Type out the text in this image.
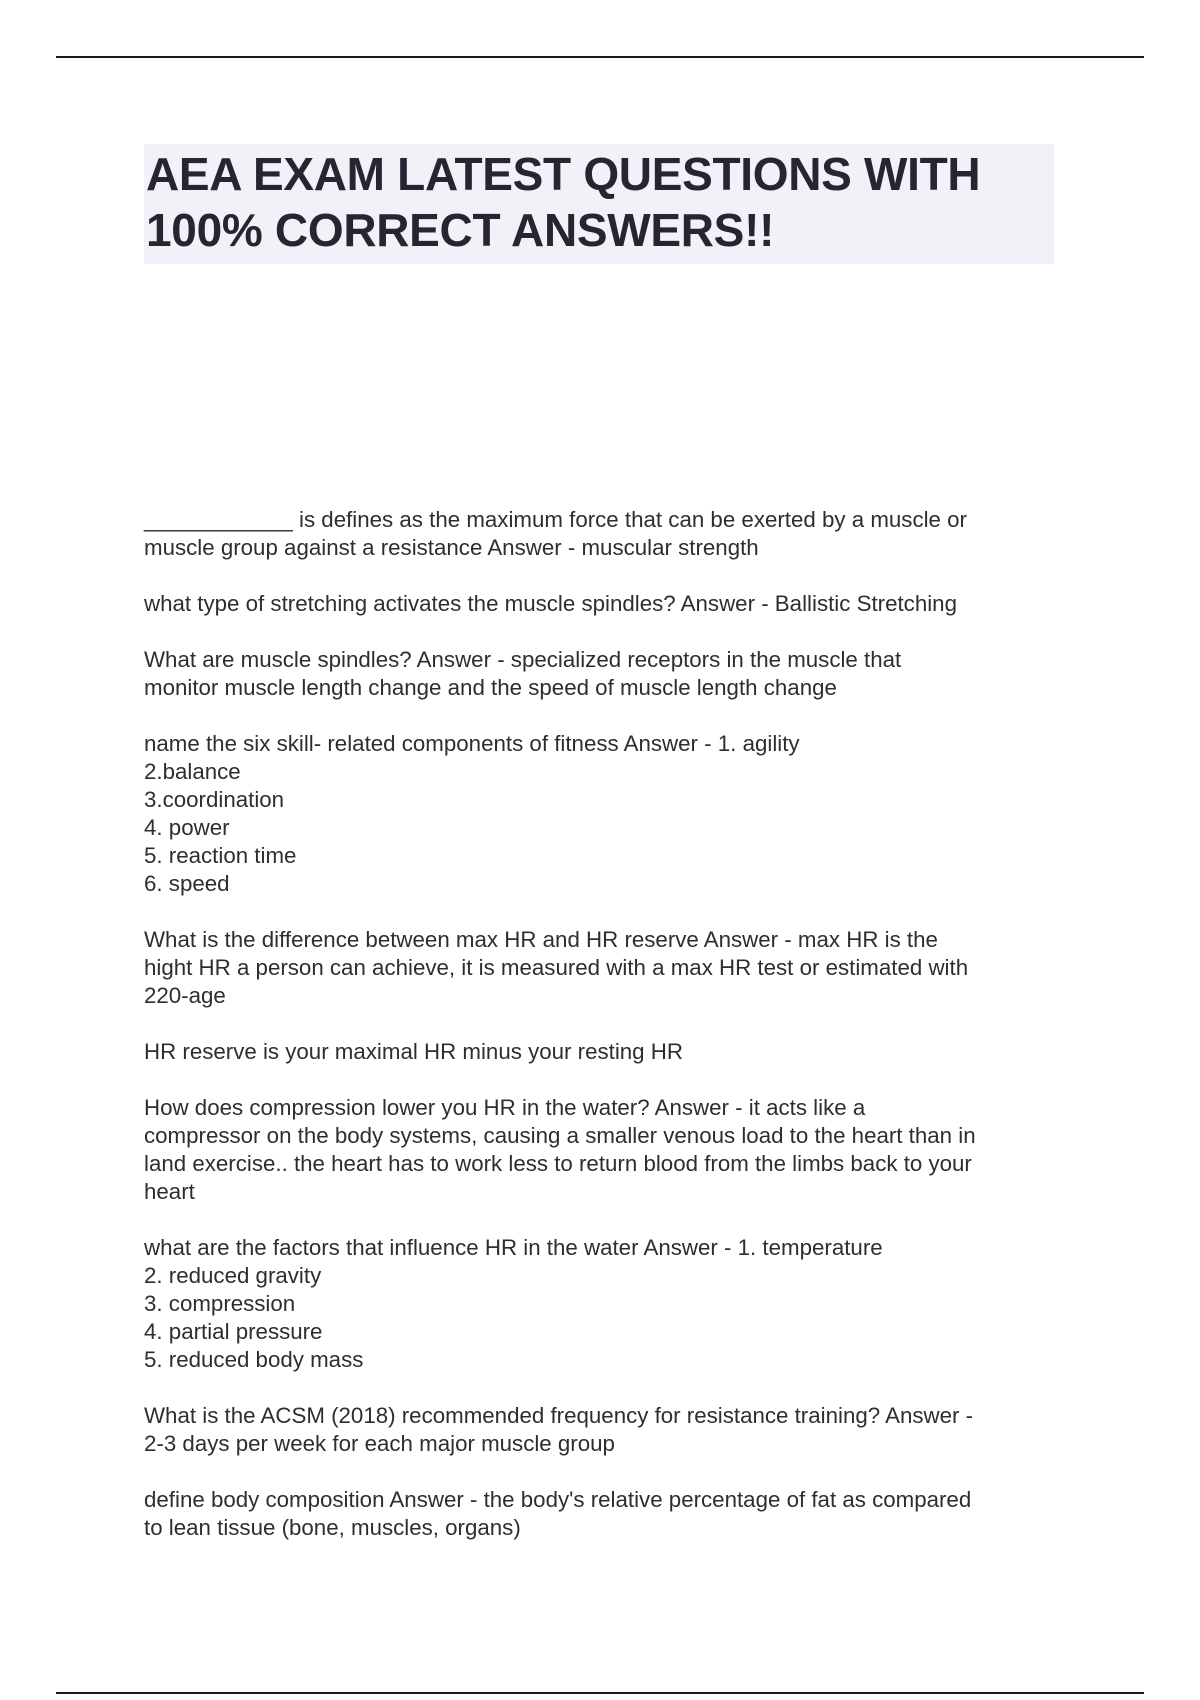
AEA EXAM LATEST QUESTIONS WITH
100% CORRECT ANSWERS!!
____________ is defines as the maximum force that can be exerted by a muscle or
muscle group against a resistance Answer - muscular strength
what type of stretching activates the muscle spindles? Answer - Ballistic Stretching
What are muscle spindles? Answer - specialized receptors in the muscle that
monitor muscle length change and the speed of muscle length change
name the six skill- related components of fitness Answer - 1. agility
2.balance
3.coordination
4. power
5. reaction time
6. speed
What is the difference between max HR and HR reserve Answer - max HR is the
hight HR a person can achieve, it is measured with a max HR test or estimated with
220-age
HR reserve is your maximal HR minus your resting HR
How does compression lower you HR in the water? Answer - it acts like a
compressor on the body systems, causing a smaller venous load to the heart than in
land exercise.. the heart has to work less to return blood from the limbs back to your
heart
what are the factors that influence HR in the water Answer - 1. temperature
2. reduced gravity
3. compression
4. partial pressure
5. reduced body mass
What is the ACSM (2018) recommended frequency for resistance training? Answer -
2-3 days per week for each major muscle group
define body composition Answer - the body's relative percentage of fat as compared
to lean tissue (bone, muscles, organs)
